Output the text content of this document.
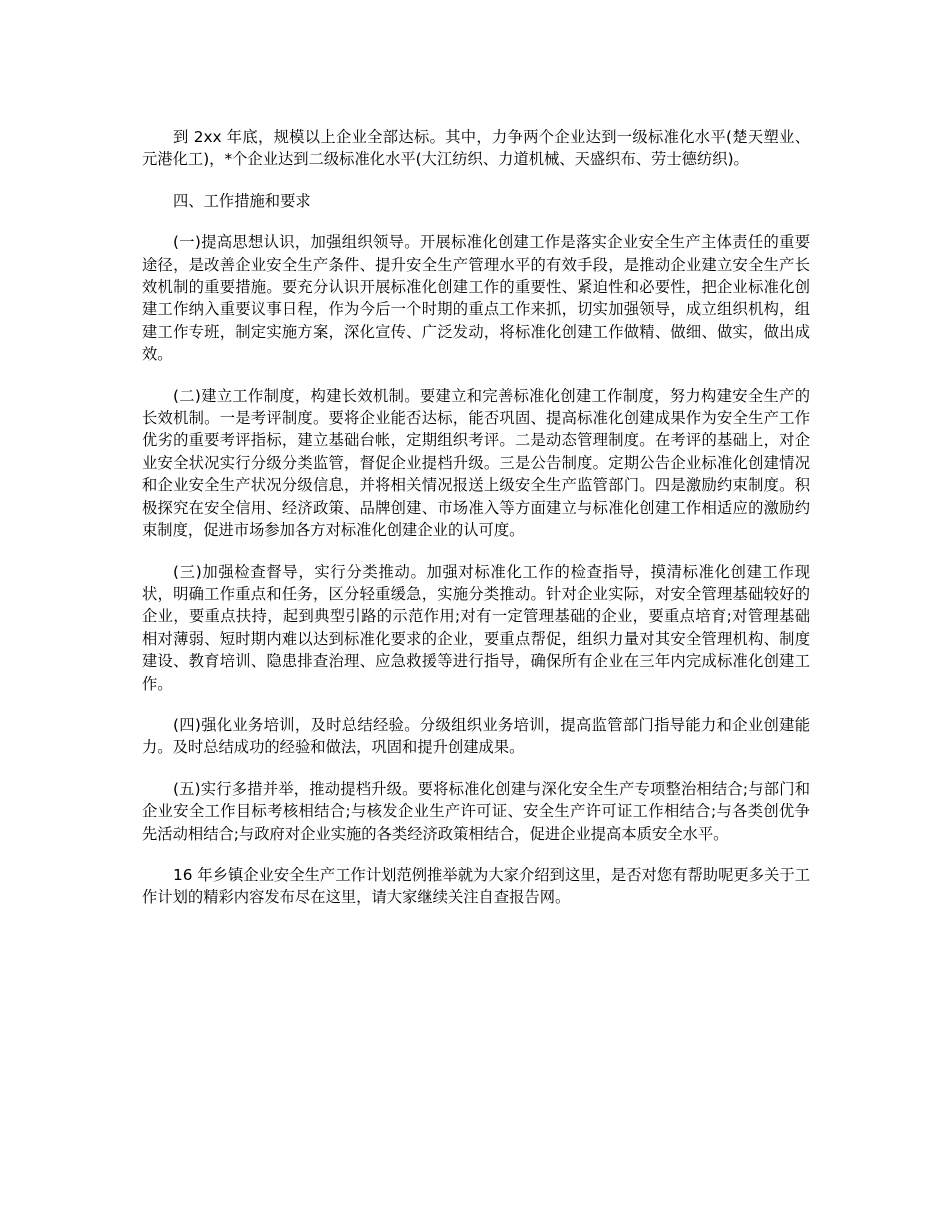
到 2xx 年底，规模以上企业全部达标。其中，力争两个企业达到一级标准化水平(楚天塑业、元港化工)，*个企业达到二级标准化水平(大江纺织、力道机械、天盛织布、劳士德纺织)。

四、工作措施和要求

(一)提高思想认识，加强组织领导。开展标准化创建工作是落实企业安全生产主体责任的重要途径，是改善企业安全生产条件、提升安全生产管理水平的有效手段，是推动企业建立安全生产长效机制的重要措施。要充分认识开展标准化创建工作的重要性、紧迫性和必要性，把企业标准化创建工作纳入重要议事日程，作为今后一个时期的重点工作来抓，切实加强领导，成立组织机构，组建工作专班，制定实施方案，深化宣传、广泛发动，将标准化创建工作做精、做细、做实，做出成效。

(二)建立工作制度，构建长效机制。要建立和完善标准化创建工作制度，努力构建安全生产的长效机制。一是考评制度。要将企业能否达标，能否巩固、提高标准化创建成果作为安全生产工作优劣的重要考评指标，建立基础台帐，定期组织考评。二是动态管理制度。在考评的基础上，对企业安全状况实行分级分类监管，督促企业提档升级。三是公告制度。定期公告企业标准化创建情况和企业安全生产状况分级信息，并将相关情况报送上级安全生产监管部门。四是激励约束制度。积极探究在安全信用、经济政策、品牌创建、市场准入等方面建立与标准化创建工作相适应的激励约束制度，促进市场参加各方对标准化创建企业的认可度。

(三)加强检查督导，实行分类推动。加强对标准化工作的检查指导，摸清标准化创建工作现状，明确工作重点和任务，区分轻重缓急，实施分类推动。针对企业实际，对安全管理基础较好的企业，要重点扶持，起到典型引路的示范作用;对有一定管理基础的企业，要重点培育;对管理基础相对薄弱、短时期内难以达到标准化要求的企业，要重点帮促，组织力量对其安全管理机构、制度建设、教育培训、隐患排查治理、应急救援等进行指导，确保所有企业在三年内完成标准化创建工作。

(四)强化业务培训，及时总结经验。分级组织业务培训，提高监管部门指导能力和企业创建能力。及时总结成功的经验和做法，巩固和提升创建成果。

(五)实行多措并举，推动提档升级。要将标准化创建与深化安全生产专项整治相结合;与部门和企业安全工作目标考核相结合;与核发企业生产许可证、安全生产许可证工作相结合;与各类创优争先活动相结合;与政府对企业实施的各类经济政策相结合，促进企业提高本质安全水平。

16 年乡镇企业安全生产工作计划范例推举就为大家介绍到这里，是否对您有帮助呢更多关于工作计划的精彩内容发布尽在这里，请大家继续关注自查报告网。
